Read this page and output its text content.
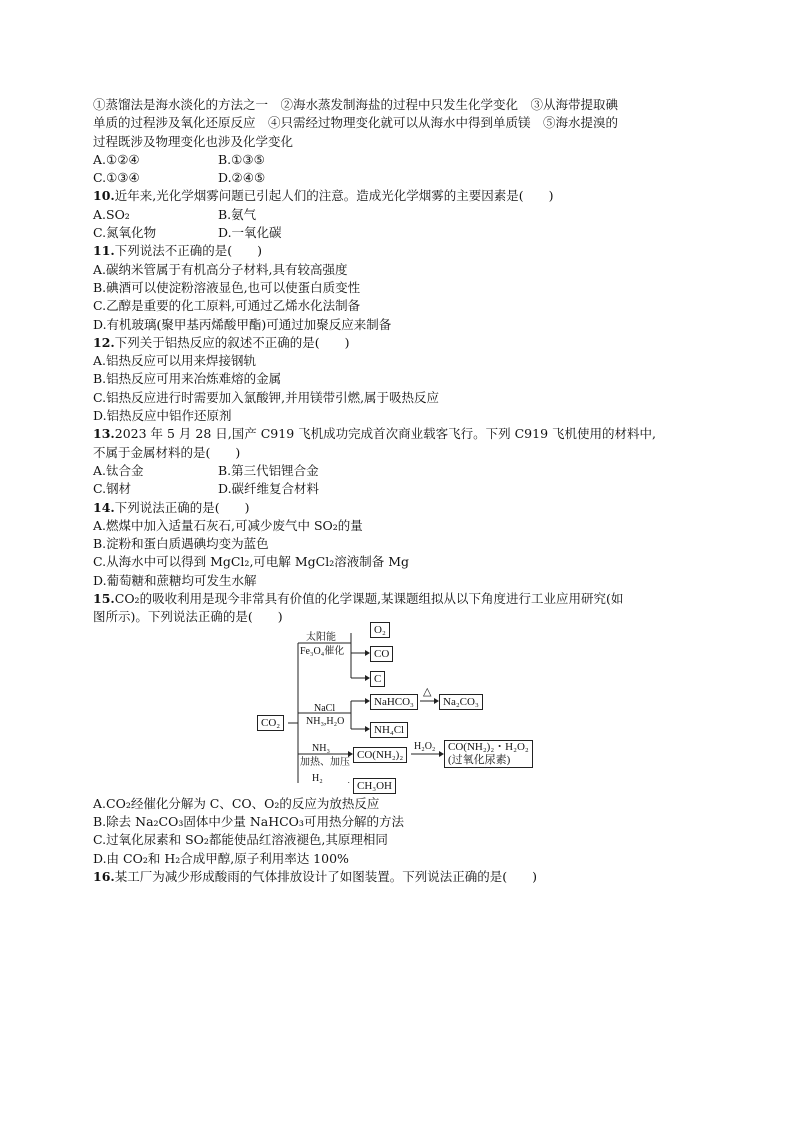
①蒸馏法是海水淡化的方法之一　②海水蒸发制海盐的过程中只发生化学变化　③从海带提取碘
单质的过程涉及氧化还原反应　④只需经过物理变化就可以从海水中得到单质镁　⑤海水提溴的
过程既涉及物理变化也涉及化学变化
A.①②④	B.①③⑤
C.①③④	D.②④⑤
10.近年来,光化学烟雾问题已引起人们的注意。造成光化学烟雾的主要因素是(　　)
A.SO₂	B.氨气
C.氮氧化物	D.一氧化碳
11.下列说法不正确的是(　　)
A.碳纳米管属于有机高分子材料,具有较高强度
B.碘酒可以使淀粉溶液显色,也可以使蛋白质变性
C.乙醇是重要的化工原料,可通过乙烯水化法制备
D.有机玻璃(聚甲基丙烯酸甲酯)可通过加聚反应来制备
12.下列关于铝热反应的叙述不正确的是(　　)
A.铝热反应可以用来焊接钢轨
B.铝热反应可用来冶炼难熔的金属
C.铝热反应进行时需要加入氯酸钾,并用镁带引燃,属于吸热反应
D.铝热反应中铝作还原剂
13.2023 年 5 月 28 日,国产 C919 飞机成功完成首次商业载客飞行。下列 C919 飞机使用的材料中,
不属于金属材料的是(　　)
A.钛合金	B.第三代铝锂合金
C.钢材	D.碳纤维复合材料
14.下列说法正确的是(　　)
A.燃煤中加入适量石灰石,可减少废气中 SO₂的量
B.淀粉和蛋白质遇碘均变为蓝色
C.从海水中可以得到 MgCl₂,可电解 MgCl₂溶液制备 Mg
D.葡萄糖和蔗糖均可发生水解
15.CO₂的吸收利用是现今非常具有价值的化学课题,某课题组拟从以下角度进行工业应用研究(如
图所示)。下列说法正确的是(　　)
CO₂
太阳能
Fe₃O₄催化
O₂
CO
C
NaCl
NH₃,H₂O
NaHCO₃
△
Na₂CO₃
NH₄Cl
NH₃
加热、加压
CO(NH₂)₂
H₂O₂ CO(NH₂)₂・H₂O₂
(过氧化尿素)
H₂
CH₃OH
A.CO₂经催化分解为 C、CO、O₂的反应为放热反应
B.除去 Na₂CO₃固体中少量 NaHCO₃可用热分解的方法
C.过氧化尿素和 SO₂都能使品红溶液褪色,其原理相同
D.由 CO₂和 H₂合成甲醇,原子利用率达 100%
16.某工厂为减少形成酸雨的气体排放设计了如图装置。下列说法正确的是(　　)
